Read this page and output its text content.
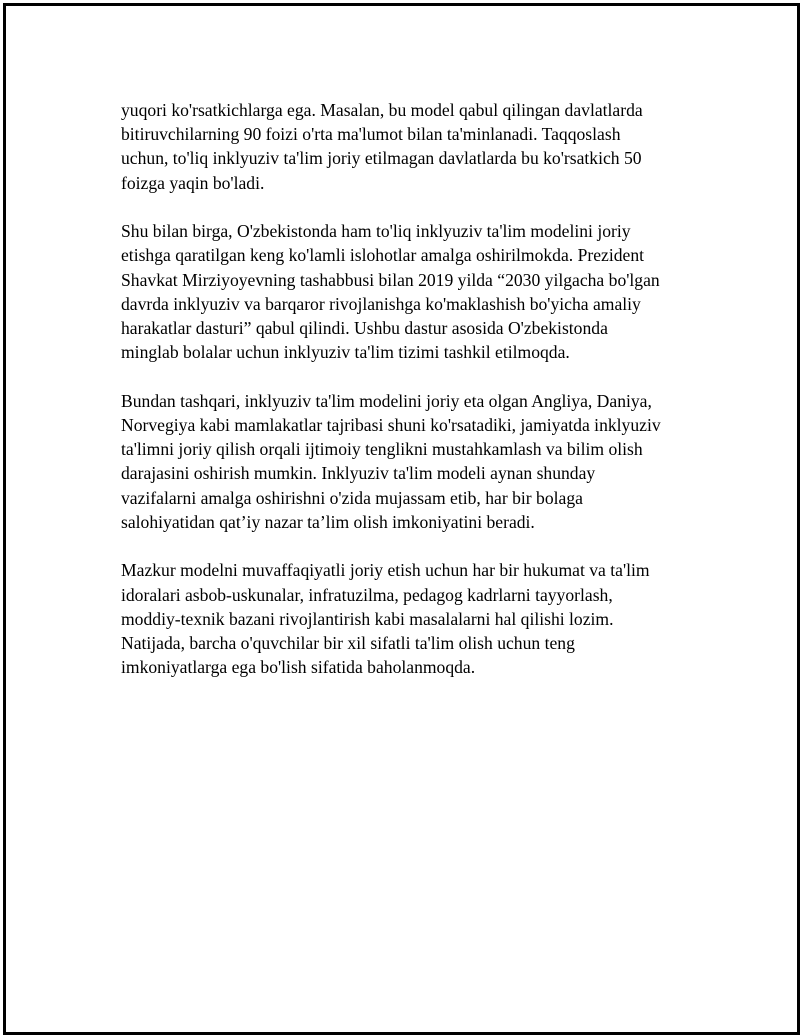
yuqori ko'rsatkichlarga ega. Masalan, bu model qabul qilingan davlatlarda
bitiruvchilarning 90 foizi o'rta ma'lumot bilan ta'minlanadi. Taqqoslash
uchun, to'liq inklyuziv ta'lim joriy etilmagan davlatlarda bu ko'rsatkich 50
foizga yaqin bo'ladi.

Shu bilan birga, O'zbekistonda ham to'liq inklyuziv ta'lim modelini joriy
etishga qaratilgan keng ko'lamli islohotlar amalga oshirilmokda. Prezident
Shavkat Mirziyoyevning tashabbusi bilan 2019 yilda “2030 yilgacha bo'lgan
davrda inklyuziv va barqaror rivojlanishga ko'maklashish bo'yicha amaliy
harakatlar dasturi” qabul qilindi. Ushbu dastur asosida O'zbekistonda
minglab bolalar uchun inklyuziv ta'lim tizimi tashkil etilmoqda.

Bundan tashqari, inklyuziv ta'lim modelini joriy eta olgan Angliya, Daniya,
Norvegiya kabi mamlakatlar tajribasi shuni ko'rsatadiki, jamiyatda inklyuziv
ta'limni joriy qilish orqali ijtimoiy tenglikni mustahkamlash va bilim olish
darajasini oshirish mumkin. Inklyuziv ta'lim modeli aynan shunday
vazifalarni amalga oshirishni o'zida mujassam etib, har bir bolaga
salohiyatidan qat’iy nazar ta’lim olish imkoniyatini beradi.

Mazkur modelni muvaffaqiyatli joriy etish uchun har bir hukumat va ta'lim
idoralari asbob-uskunalar, infratuzilma, pedagog kadrlarni tayyorlash,
moddiy-texnik bazani rivojlantirish kabi masalalarni hal qilishi lozim.
Natijada, barcha o'quvchilar bir xil sifatli ta'lim olish uchun teng
imkoniyatlarga ega bo'lish sifatida baholanmoqda.
